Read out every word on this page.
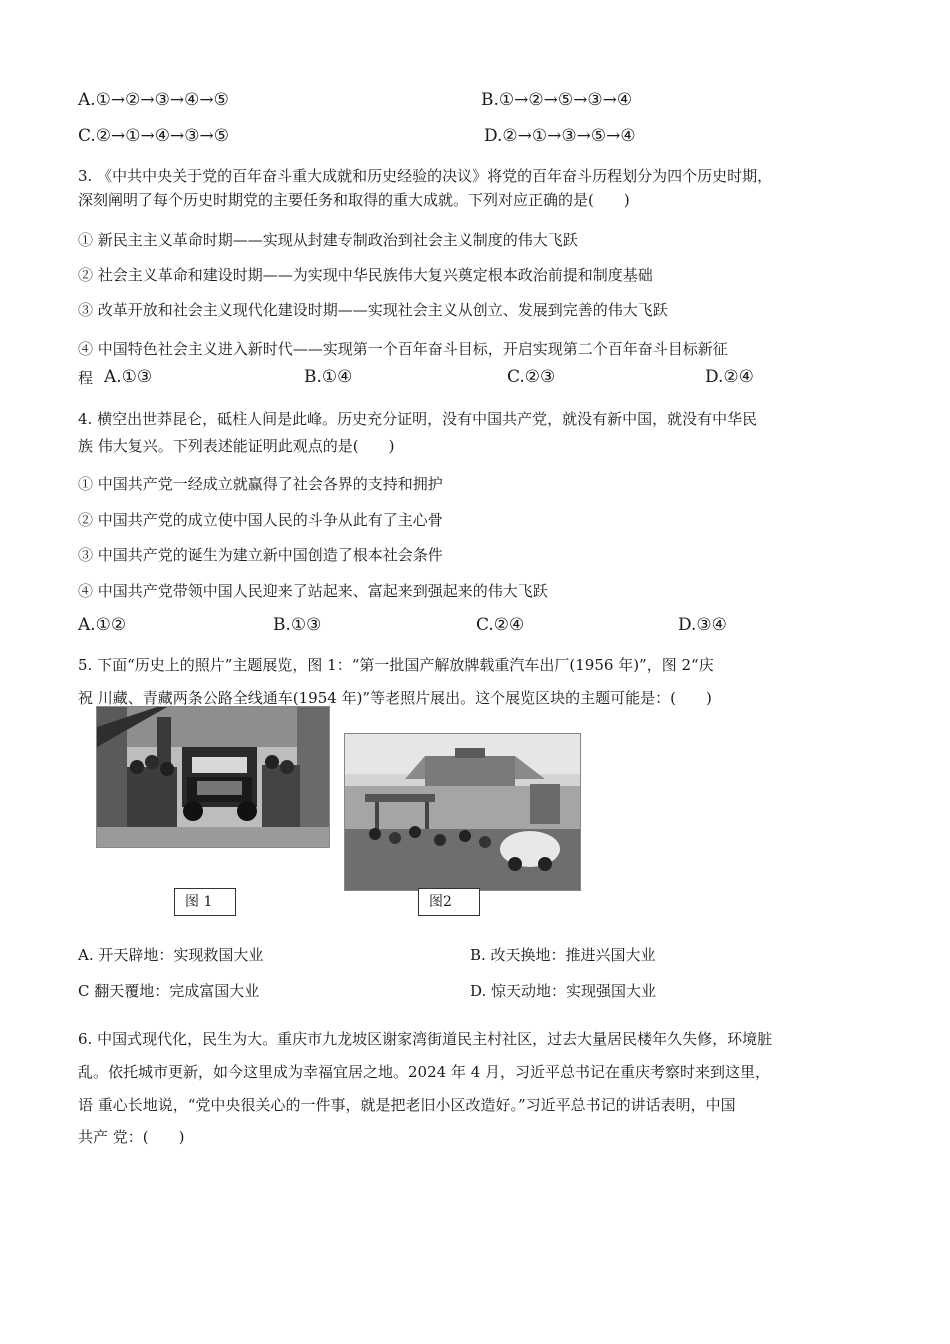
A.①→②→③→④→⑤	B.①→②→⑤→③→④
C.②→①→④→③→⑤	D.②→①→③→⑤→④
3. 《中共中央关于党的百年奋斗重大成就和历史经验的决议》将党的百年奋斗历程划分为四个历史时期，
深刻阐明了每个历史时期党的主要任务和取得的重大成就。下列对应正确的是(　　)
① 新民主主义革命时期——实现从封建专制政治到社会主义制度的伟大飞跃
② 社会主义革命和建设时期——为实现中华民族伟大复兴奠定根本政治前提和制度基础
③ 改革开放和社会主义现代化建设时期——实现社会主义从创立、发展到完善的伟大飞跃
④ 中国特色社会主义进入新时代——实现第一个百年奋斗目标，开启实现第二个百年奋斗目标新征
程 A.①③	B.①④	C.②③	D.②④
4. 横空出世莽昆仑，砥柱人间是此峰。历史充分证明，没有中国共产党，就没有新中国，就没有中华民
族 伟大复兴。下列表述能证明此观点的是(　　)
① 中国共产党一经成立就赢得了社会各界的支持和拥护
② 中国共产党的成立使中国人民的斗争从此有了主心骨
③ 中国共产党的诞生为建立新中国创造了根本社会条件
④ 中国共产党带领中国人民迎来了站起来、富起来到强起来的伟大飞跃
A.①②	B.①③	C.②④	D.③④
5. 下面“历史上的照片”主题展览，图 1：“第一批国产解放牌载重汽车出厂(1956 年)”，图 2“庆
祝 川藏、青藏两条公路全线通车(1954 年)”等老照片展出。这个展览区块的主题可能是：(　　)
图 1	图2
A. 开天辟地：实现救国大业	B. 改天换地：推进兴国大业
C 翻天覆地：完成富国大业	D. 惊天动地：实现强国大业
6. 中国式现代化，民生为大。重庆市九龙坡区谢家湾街道民主村社区，过去大量居民楼年久失修，环境脏
乱。依托城市更新，如今这里成为幸福宜居之地。2024 年 4 月，习近平总书记在重庆考察时来到这里，
语 重心长地说，“党中央很关心的一件事，就是把老旧小区改造好。”习近平总书记的讲话表明，中国
共产 党：(　　)
